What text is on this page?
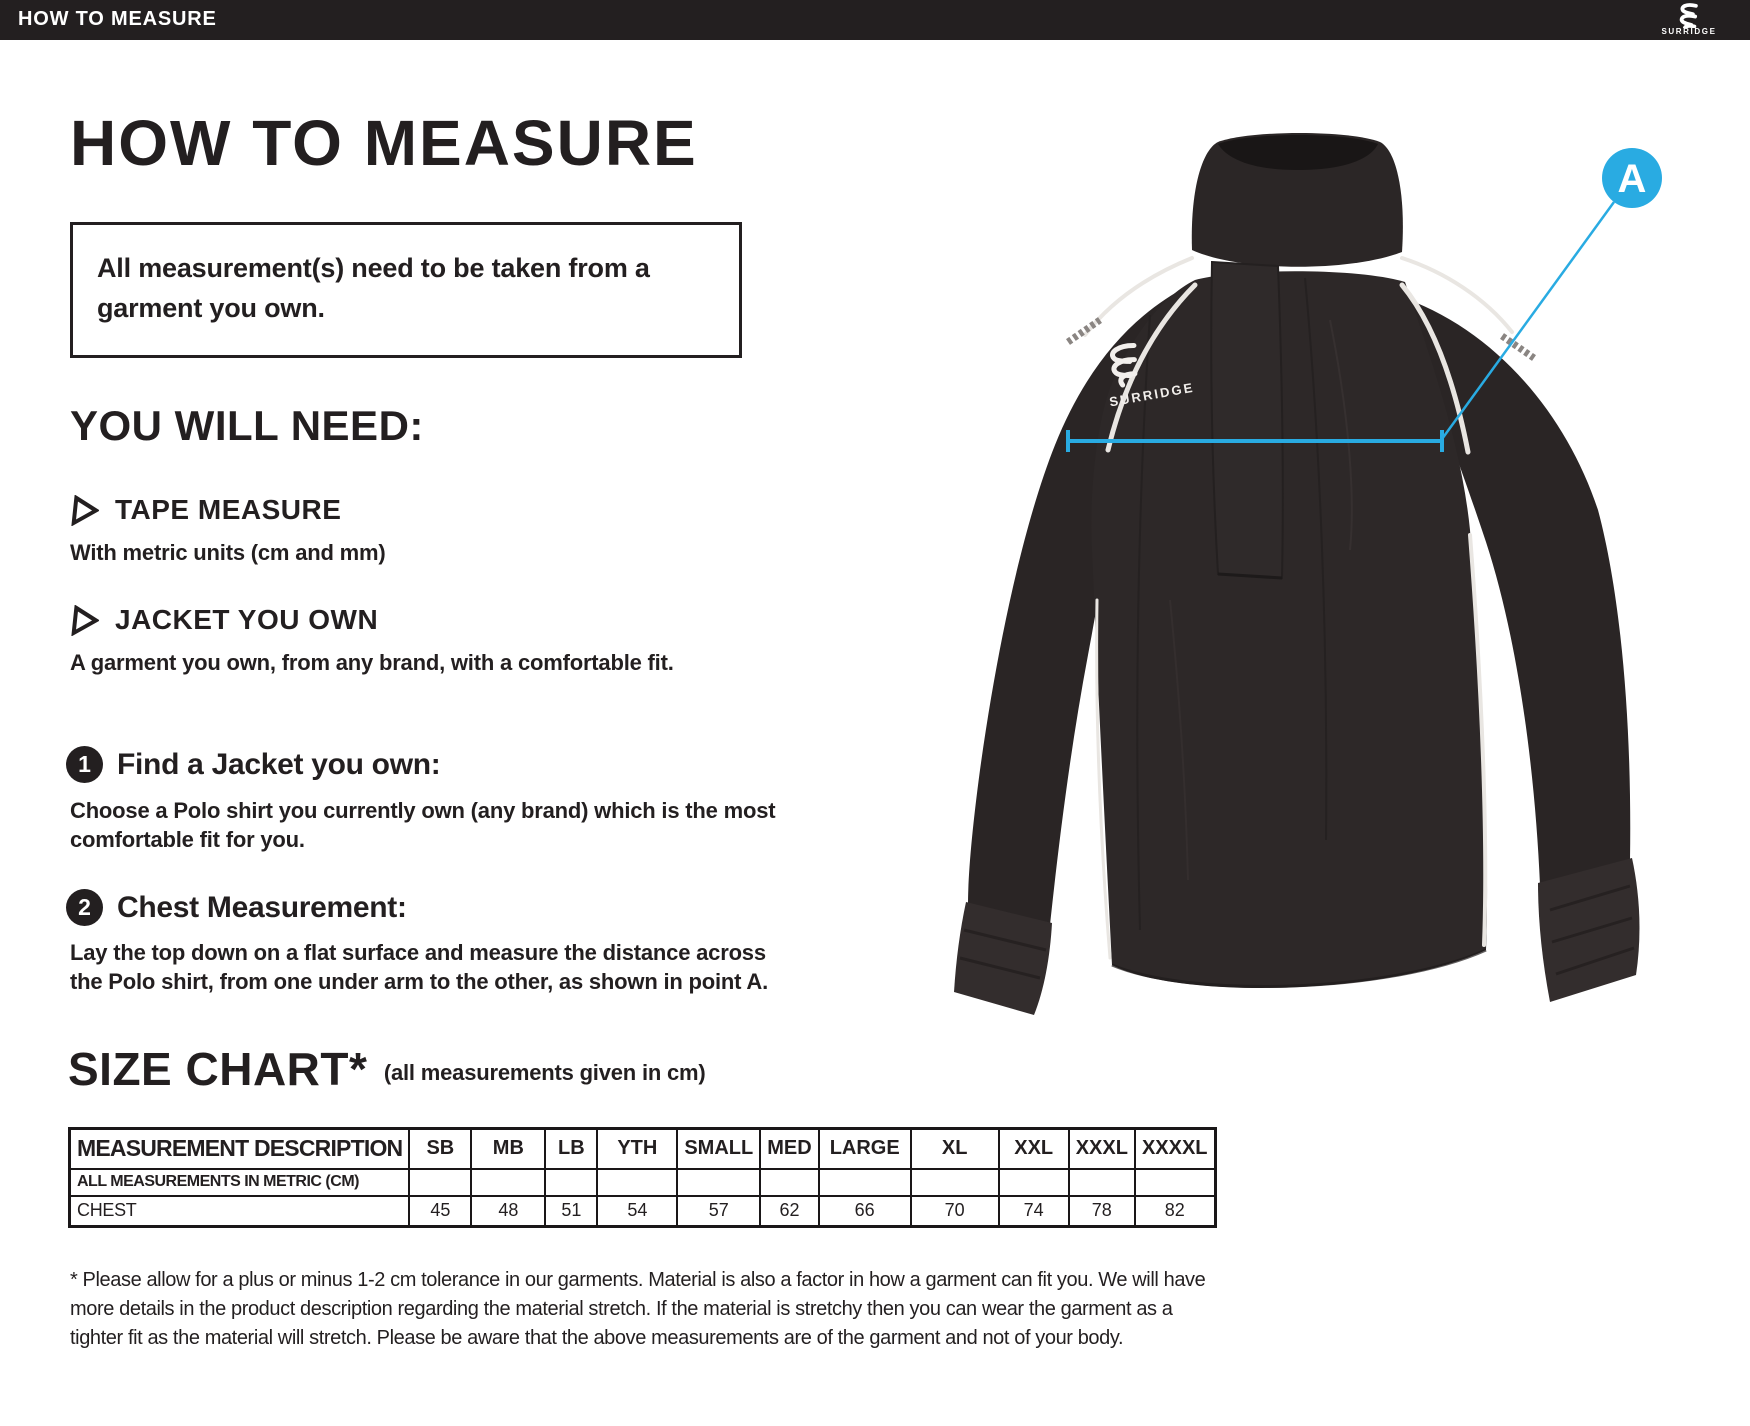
HOW TO MEASURE
SURRIDGE
HOW TO MEASURE
All measurement(s) need to be taken from a garment you own.
YOU WILL NEED:
TAPE MEASURE
With metric units (cm and mm)
JACKET YOU OWN
A garment you own, from any brand, with a comfortable fit.
1 Find a Jacket you own:
Choose a Polo shirt you currently own (any brand) which is the most
comfortable fit for you.
2 Chest Measurement:
Lay the top down on a flat surface and measure the distance across
the Polo shirt, from one under arm to the other, as shown in point A.
SIZE CHART* (all measurements given in cm)
MEASUREMENT DESCRIPTION	SB	MB	LB	YTH	SMALL	MED	LARGE	XL	XXL	XXXL	XXXXL
ALL MEASUREMENTS IN METRIC (CM)											
CHEST	45	48	51	54	57	62	66	70	74	78	82
* Please allow for a plus or minus 1-2 cm tolerance in our garments. Material is also a factor in how a garment can fit you. We will have
more details in the product description regarding the material stretch. If the material is stretchy then you can wear the garment as a
tighter fit as the material will stretch. Please be aware that the above measurements are of the garment and not of your body.
SURRIDGE
A
